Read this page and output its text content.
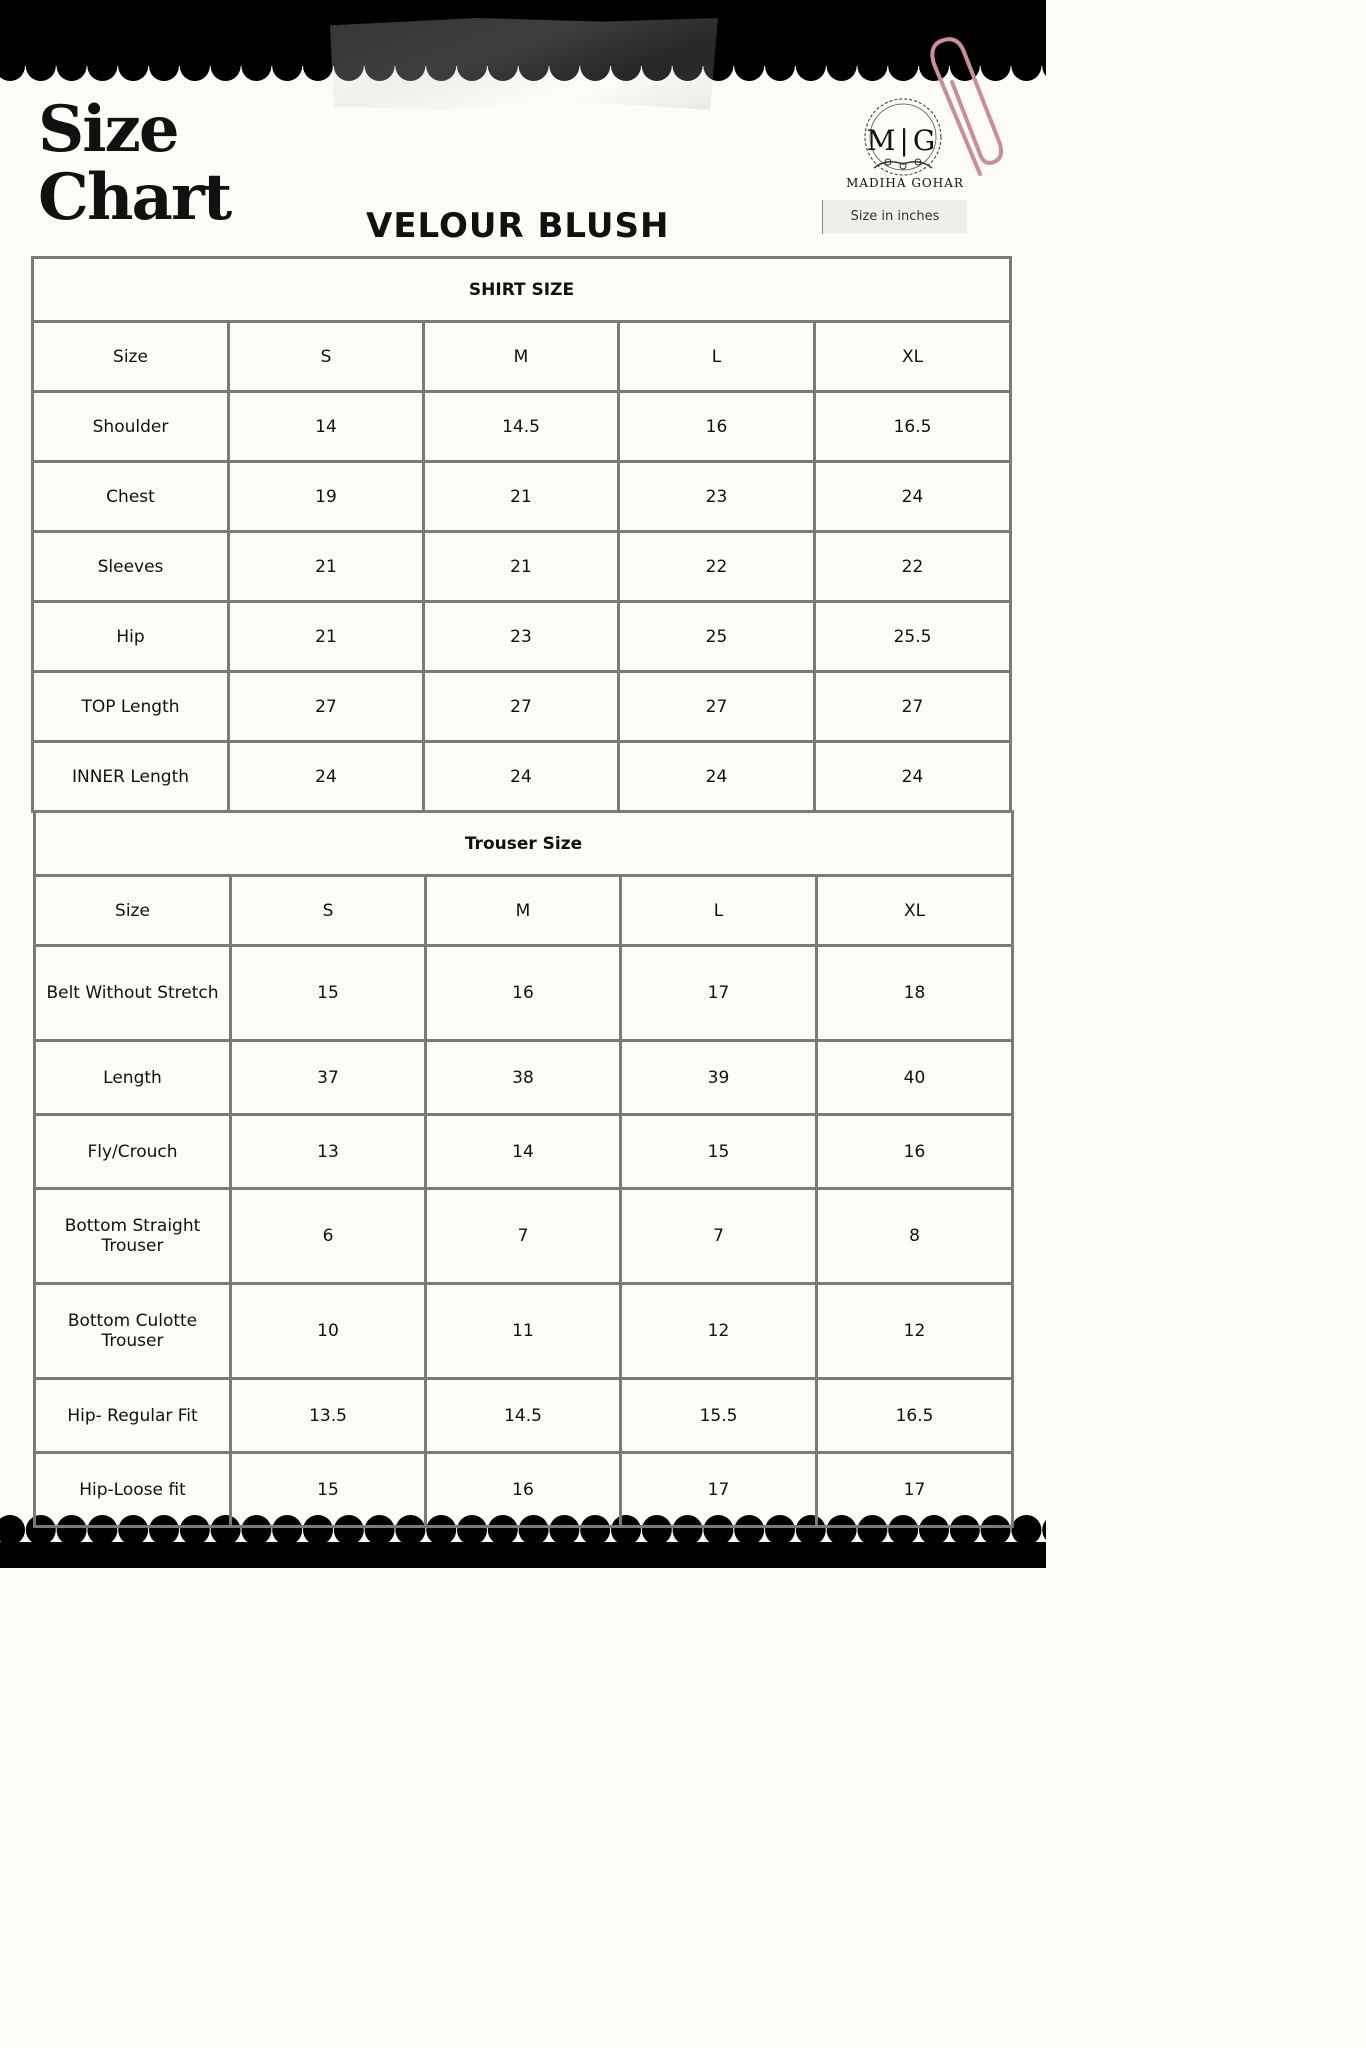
Size Chart	VELOUR BLUSH
M|G
MADIHA GOHAR
Size in inches
SHIRT SIZE				
Size	S	M	L	XL
Shoulder	14	14.5	16	16.5
Chest	19	21	23	24
Sleeves	21	21	22	22
Hip	21	23	25	25.5
TOP Length	27	27	27	27
INNER Length	24	24	24	24
Trouser Size				
Size	S	M	L	XL
Belt Without Stretch	15	16	17	18
Length	37	38	39	40
Fly/Crouch	13	14	15	16
Bottom Straight Trouser	6	7	7	8
Bottom Culotte Trouser	10	11	12	12
Hip- Regular Fit	13.5	14.5	15.5	16.5
Hip-Loose fit	15	16	17	17
